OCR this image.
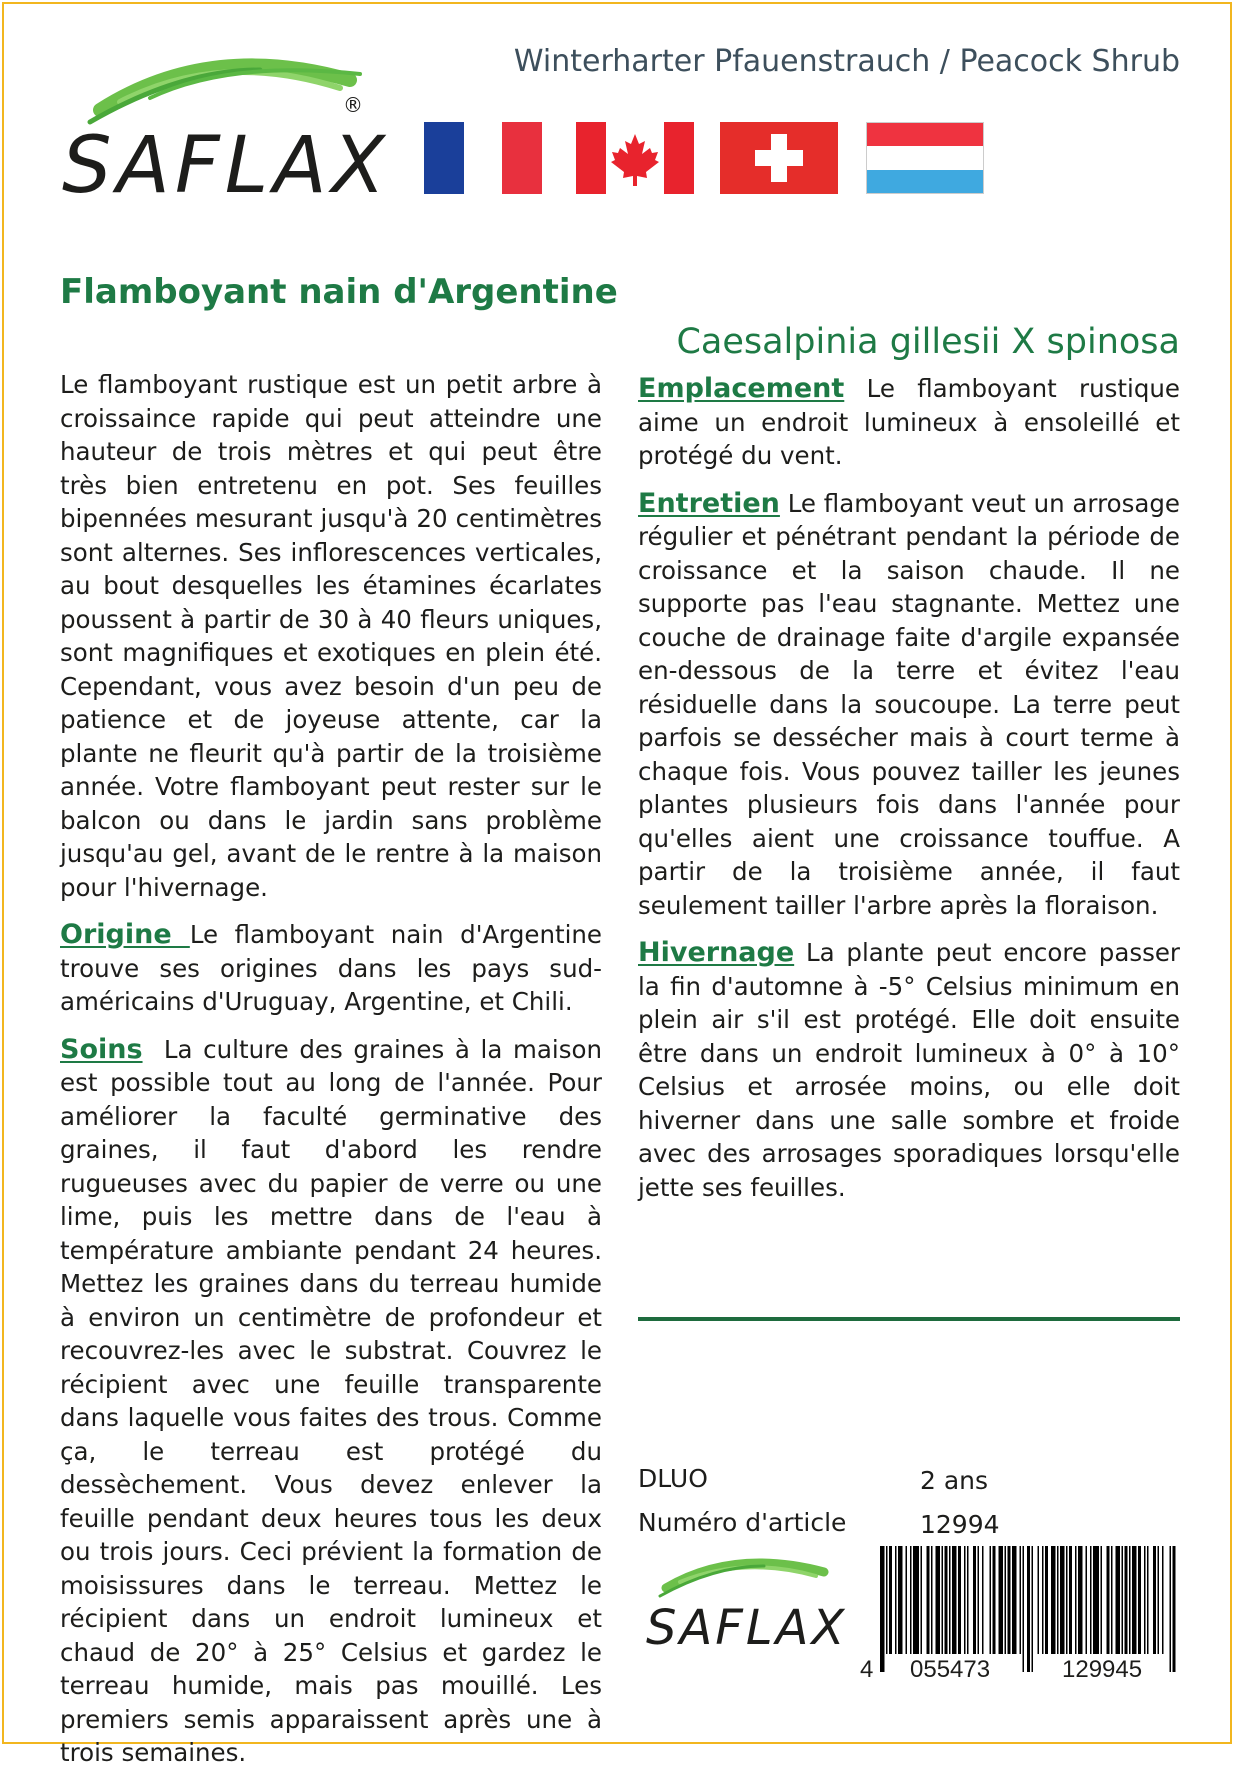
SAFLAX
®
Winterharter Pfauenstrauch / Peacock Shrub
Flamboyant nain d'Argentine
Caesalpinia gillesii X spinosa

Le flamboyant rustique est un petit arbre à croissaince rapide qui peut atteindre une hauteur de trois mètres et qui peut être très bien entretenu en pot. Ses feuilles bipennées mesurant jusqu'à 20 centimètres sont alternes. Ses inflorescences verticales, au bout desquelles les étamines écarlates poussent à partir de 30 à 40 fleurs uniques, sont magnifiques et exotiques en plein été. Cependant, vous avez besoin d'un peu de patience et de joyeuse attente, car la plante ne fleurit qu'à partir de la troisième année. Votre flamboyant peut rester sur le balcon ou dans le jardin sans problème jusqu'au gel, avant de le rentre à la maison pour l'hivernage.

Origine Le flamboyant nain d'Argentine trouve ses origines dans les pays sud-américains d'Uruguay, Argentine, et Chili.

Soins La culture des graines à la maison est possible tout au long de l'année. Pour améliorer la faculté germinative des graines, il faut d'abord les rendre rugueuses avec du papier de verre ou une lime, puis les mettre dans de l'eau à température ambiante pendant 24 heures. Mettez les graines dans du terreau humide à environ un centimètre de profondeur et recouvrez-les avec le substrat. Couvrez le récipient avec une feuille transparente dans laquelle vous faites des trous. Comme ça, le terreau est protégé du dessèchement. Vous devez enlever la feuille pendant deux heures tous les deux ou trois jours. Ceci prévient la formation de moisissures dans le terreau. Mettez le récipient dans un endroit lumineux et chaud de 20° à 25° Celsius et gardez le terreau humide, mais pas mouillé. Les premiers semis apparaissent après une à trois semaines.

Emplacement Le flamboyant rustique aime un endroit lumineux à ensoleillé et protégé du vent.

Entretien Le flamboyant veut un arrosage régulier et pénétrant pendant la période de croissance et la saison chaude. Il ne supporte pas l'eau stagnante. Mettez une couche de drainage faite d'argile expansée en-dessous de la terre et évitez l'eau résiduelle dans la soucoupe. La terre peut parfois se dessécher mais à court terme à chaque fois. Vous pouvez tailler les jeunes plantes plusieurs fois dans l'année pour qu'elles aient une croissance touffue. A partir de la troisième année, il faut seulement tailler l'arbre après la floraison.

Hivernage La plante peut encore passer la fin d'automne à -5° Celsius minimum en plein air s'il est protégé. Elle doit ensuite être dans un endroit lumineux à 0° à 10° Celsius et arrosée moins, ou elle doit hiverner dans une salle sombre et froide avec des arrosages sporadiques lorsqu'elle jette ses feuilles.

DLUO	2 ans
Numéro d'article	12994
SAFLAX
4 055473	129945
